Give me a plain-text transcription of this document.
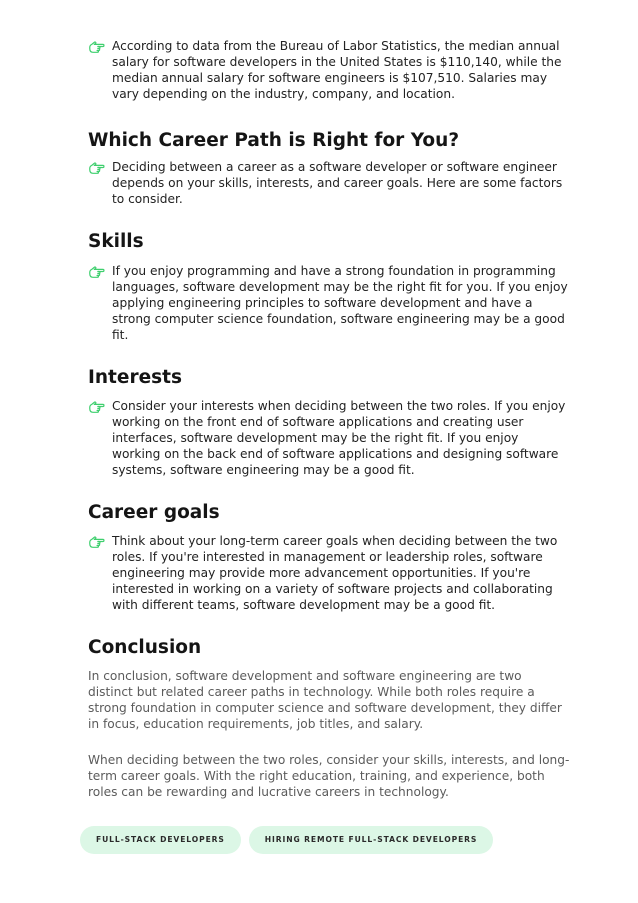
According to data from the Bureau of Labor Statistics, the median annual salary for software developers in the United States is $110,140, while the median annual salary for software engineers is $107,510. Salaries may vary depending on the industry, company, and location.
Which Career Path is Right for You?
Deciding between a career as a software developer or software engineer depends on your skills, interests, and career goals. Here are some factors to consider.
Skills
If you enjoy programming and have a strong foundation in programming languages, software development may be the right fit for you. If you enjoy applying engineering principles to software development and have a strong computer science foundation, software engineering may be a good fit.
Interests
Consider your interests when deciding between the two roles. If you enjoy working on the front end of software applications and creating user interfaces, software development may be the right fit. If you enjoy working on the back end of software applications and designing software systems, software engineering may be a good fit.
Career goals
Think about your long-term career goals when deciding between the two roles. If you're interested in management or leadership roles, software engineering may provide more advancement opportunities. If you're interested in working on a variety of software projects and collaborating with different teams, software development may be a good fit.
Conclusion

In conclusion, software development and software engineering are two distinct but related career paths in technology. While both roles require a strong foundation in computer science and software development, they differ in focus, education requirements, job titles, and salary.

When deciding between the two roles, consider your skills, interests, and long-term career goals. With the right education, training, and experience, both roles can be rewarding and lucrative careers in technology.

FULL-STACK DEVELOPERS	HIRING REMOTE FULL-STACK DEVELOPERS
